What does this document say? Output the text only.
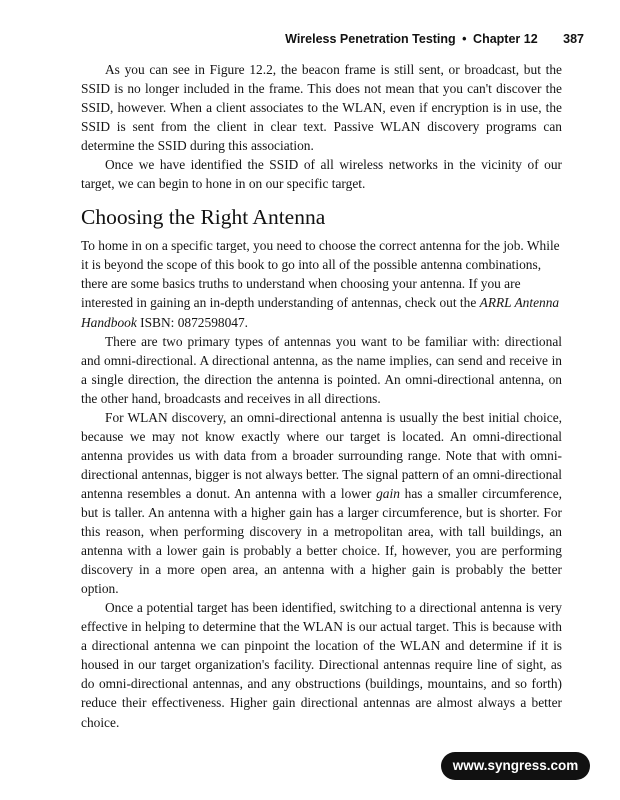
Wireless Penetration Testing • Chapter 12 387

As you can see in Figure 12.2, the beacon frame is still sent, or broadcast, but the SSID is no longer included in the frame. This does not mean that you can't discover the SSID, however. When a client associates to the WLAN, even if encryption is in use, the SSID is sent from the client in clear text. Passive WLAN discovery programs can determine the SSID during this association.

Once we have identified the SSID of all wireless networks in the vicinity of our target, we can begin to hone in on our specific target.

Choosing the Right Antenna

To home in on a specific target, you need to choose the correct antenna for the job. While it is beyond the scope of this book to go into all of the possible antenna combinations, there are some basics truths to understand when choosing your antenna. If you are interested in gaining an in-depth understanding of antennas, check out the ARRL Antenna Handbook ISBN: 0872598047.

There are two primary types of antennas you want to be familiar with: directional and omni-directional. A directional antenna, as the name implies, can send and receive in a single direction, the direction the antenna is pointed. An omni-directional antenna, on the other hand, broadcasts and receives in all directions.

For WLAN discovery, an omni-directional antenna is usually the best initial choice, because we may not know exactly where our target is located. An omni-directional antenna provides us with data from a broader surrounding range. Note that with omni-directional antennas, bigger is not always better. The signal pattern of an omni-directional antenna resembles a donut. An antenna with a lower gain has a smaller circumference, but is taller. An antenna with a higher gain has a larger circumference, but is shorter. For this reason, when performing discovery in a metropolitan area, with tall buildings, an antenna with a lower gain is probably a better choice. If, however, you are performing discovery in a more open area, an antenna with a higher gain is probably the better option.

Once a potential target has been identified, switching to a directional antenna is very effective in helping to determine that the WLAN is our actual target. This is because with a directional antenna we can pinpoint the location of the WLAN and determine if it is housed in our target organization's facility. Directional antennas require line of sight, as do omni-directional antennas, and any obstructions (buildings, mountains, and so forth) reduce their effectiveness. Higher gain directional antennas are almost always a better choice.

www.syngress.com
